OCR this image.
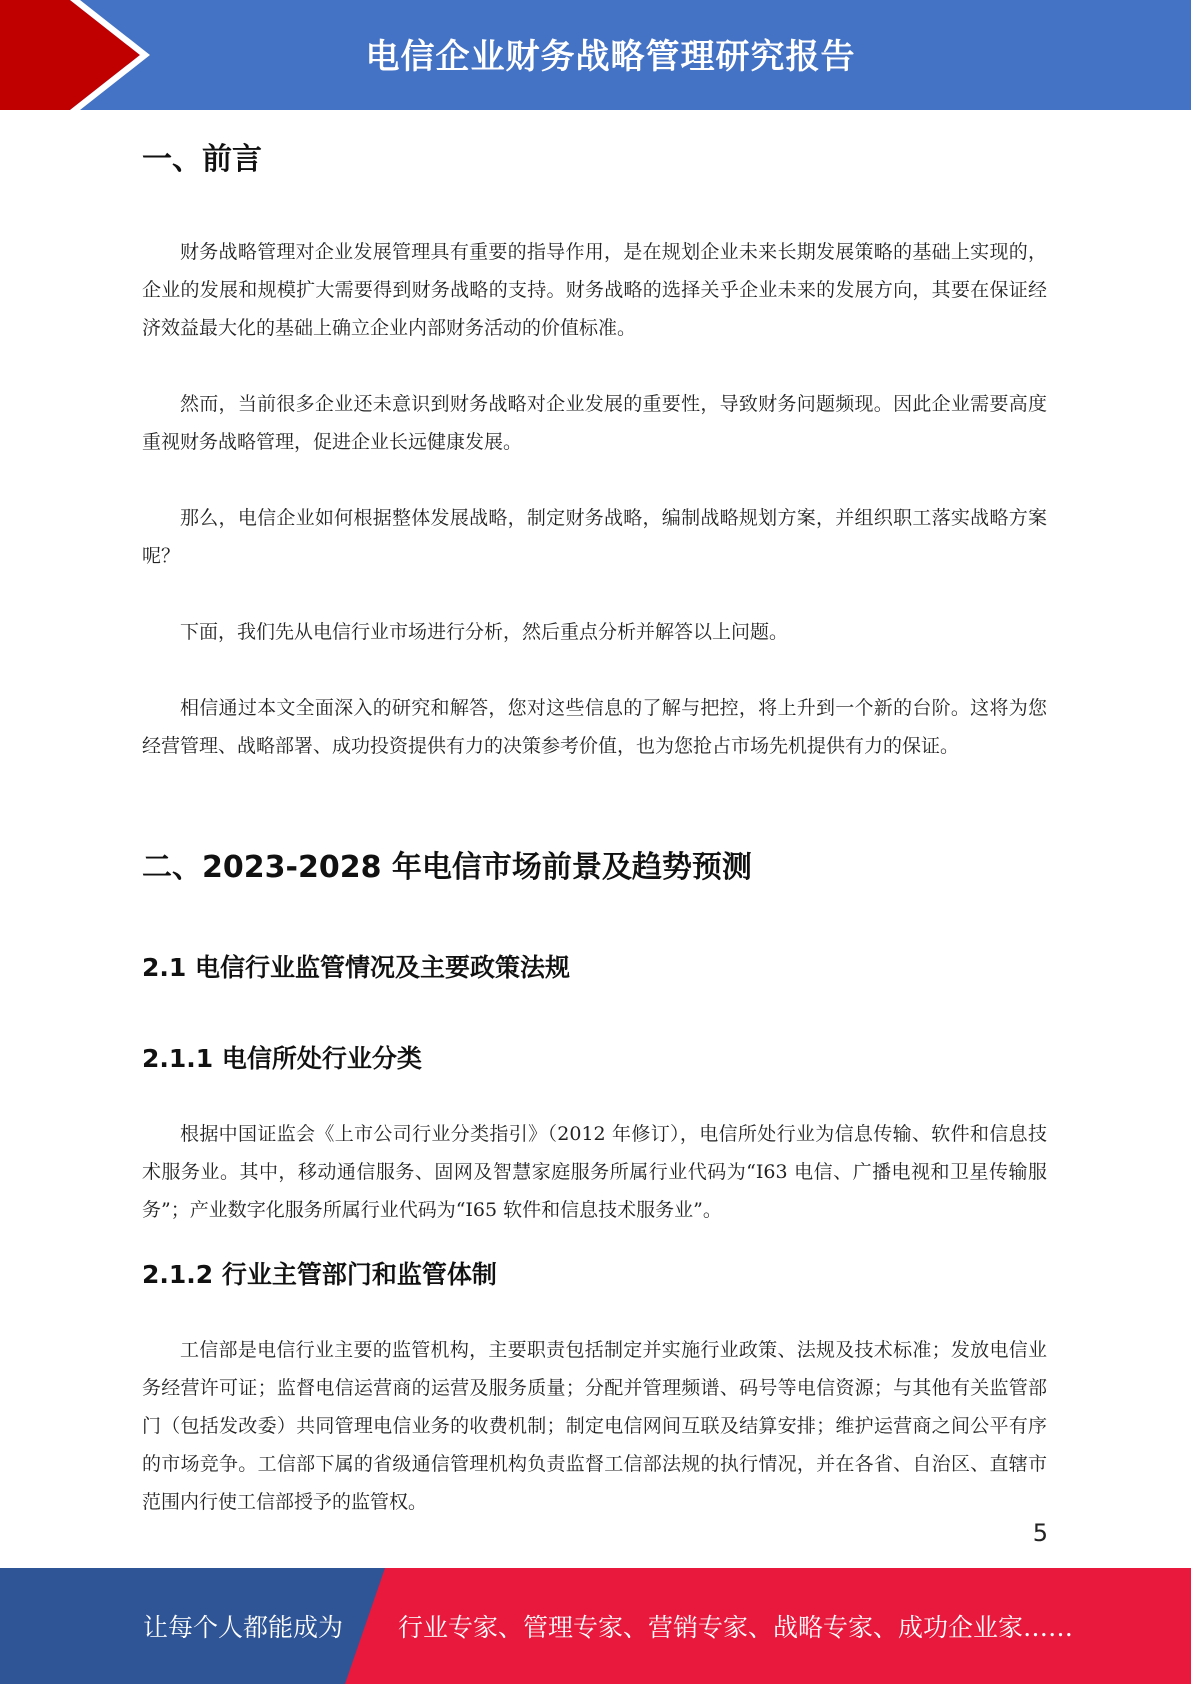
电信企业财务战略管理研究报告
一、前言

财务战略管理对企业发展管理具有重要的指导作用，是在规划企业未来长期发展策略的基础上实现的，企业的发展和规模扩大需要得到财务战略的支持。财务战略的选择关乎企业未来的发展方向，其要在保证经济效益最大化的基础上确立企业内部财务活动的价值标准。

然而，当前很多企业还未意识到财务战略对企业发展的重要性，导致财务问题频现。因此企业需要高度重视财务战略管理，促进企业长远健康发展。

那么，电信企业如何根据整体发展战略，制定财务战略，编制战略规划方案，并组织职工落实战略方案呢？

下面，我们先从电信行业市场进行分析，然后重点分析并解答以上问题。

相信通过本文全面深入的研究和解答，您对这些信息的了解与把控，将上升到一个新的台阶。这将为您经营管理、战略部署、成功投资提供有力的决策参考价值，也为您抢占市场先机提供有力的保证。

二、2023-2028 年电信市场前景及趋势预测
2.1 电信行业监管情况及主要政策法规
2.1.1 电信所处行业分类

根据中国证监会《上市公司行业分类指引》（2012 年修订），电信所处行业为信息传输、软件和信息技术服务业。其中，移动通信服务、固网及智慧家庭服务所属行业代码为“I63 电信、广播电视和卫星传输服务”；产业数字化服务所属行业代码为“I65 软件和信息技术服务业”。

2.1.2 行业主管部门和监管体制

工信部是电信行业主要的监管机构，主要职责包括制定并实施行业政策、法规及技术标准；发放电信业务经营许可证；监督电信运营商的运营及服务质量；分配并管理频谱、码号等电信资源；与其他有关监管部门（包括发改委）共同管理电信业务的收费机制；制定电信网间互联及结算安排；维护运营商之间公平有序的市场竞争。工信部下属的省级通信管理机构负责监督工信部法规的执行情况，并在各省、自治区、直辖市范围内行使工信部授予的监管权。

5
让每个人都能成为 行业专家、管理专家、营销专家、战略专家、成功企业家……
